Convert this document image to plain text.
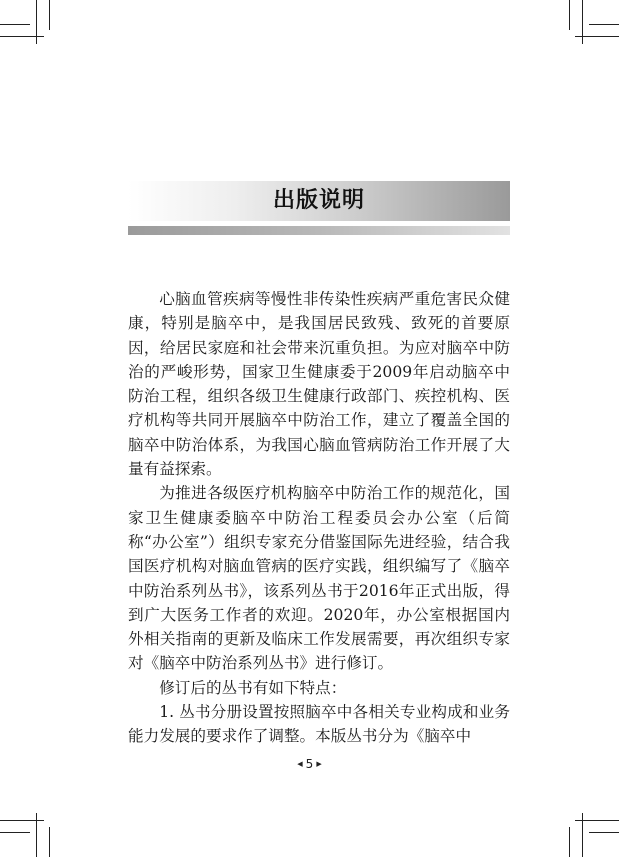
出版说明

心脑血管疾病等慢性非传染性疾病严重危害民众健康，特别是脑卒中，是我国居民致残、致死的首要原因，给居民家庭和社会带来沉重负担。为应对脑卒中防治的严峻形势，国家卫生健康委于2009年启动脑卒中防治工程，组织各级卫生健康行政部门、疾控机构、医疗机构等共同开展脑卒中防治工作，建立了覆盖全国的脑卒中防治体系，为我国心脑血管病防治工作开展了大量有益探索。

为推进各级医疗机构脑卒中防治工作的规范化，国家卫生健康委脑卒中防治工程委员会办公室（后简称“办公室”）组织专家充分借鉴国际先进经验，结合我国医疗机构对脑血管病的医疗实践，组织编写了《脑卒中防治系列丛书》，该系列丛书于2016年正式出版，得到广大医务工作者的欢迎。2020年，办公室根据国内外相关指南的更新及临床工作发展需要，再次组织专家对《脑卒中防治系列丛书》进行修订。

修订后的丛书有如下特点：

1. 丛书分册设置按照脑卒中各相关专业构成和业务能力发展的要求作了调整。本版丛书分为《脑卒中

◀ 5 ▶
